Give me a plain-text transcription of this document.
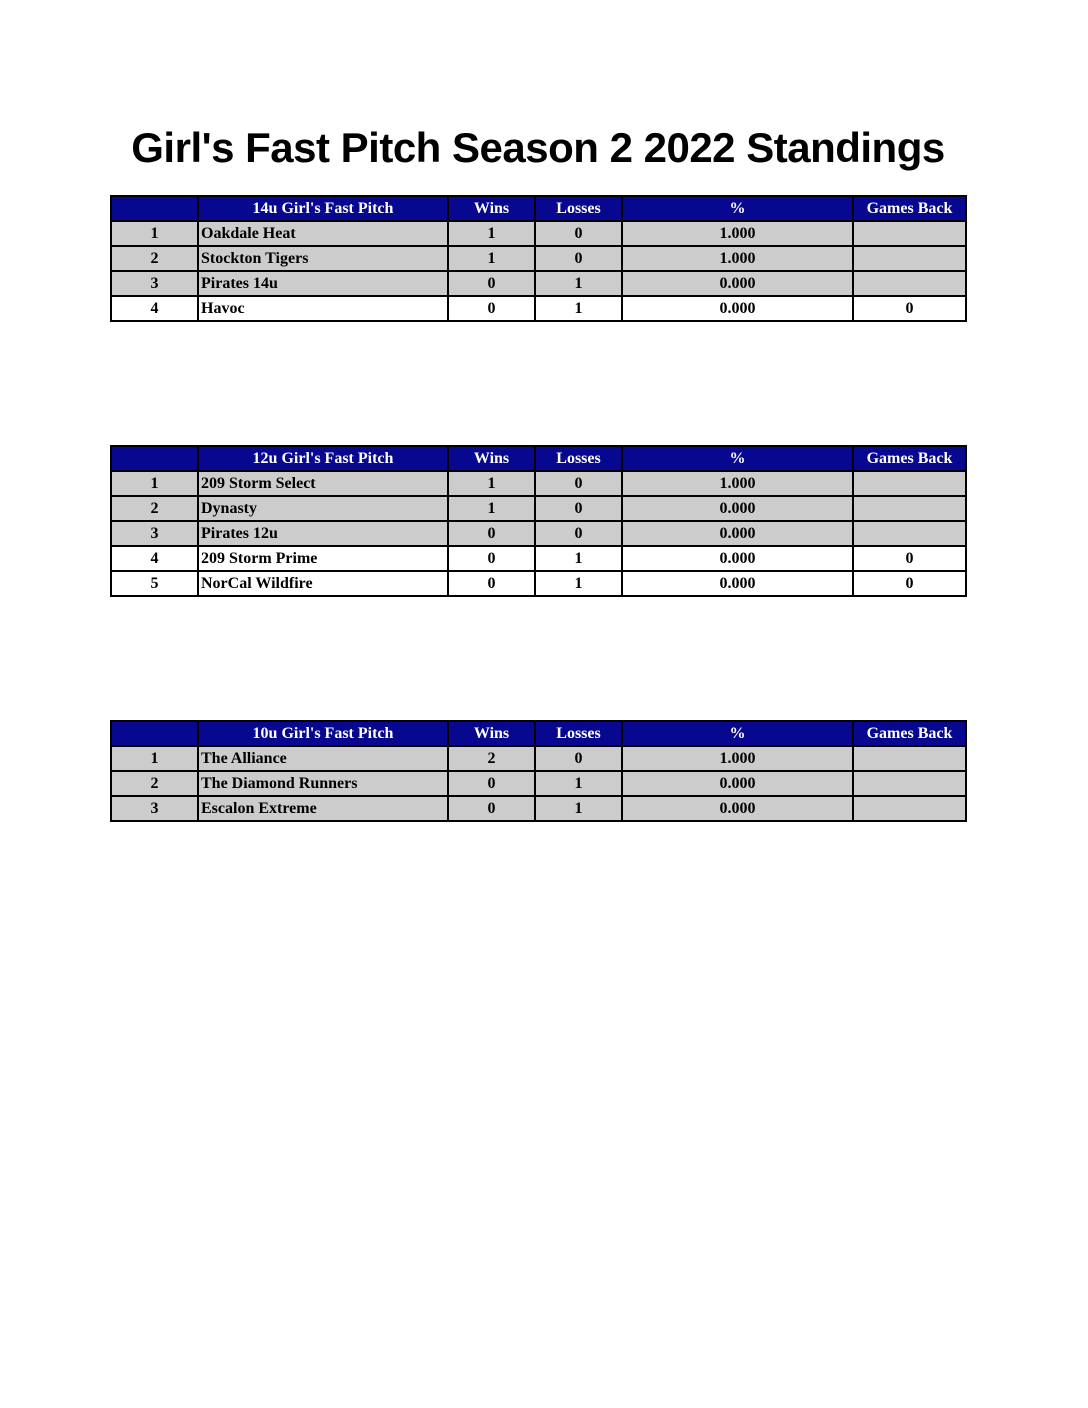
Girl's Fast Pitch Season 2 2022 Standings
	14u Girl's Fast Pitch	Wins	Losses	%	Games Back
1	Oakdale Heat	1	0	1.000	
2	Stockton Tigers	1	0	1.000	
3	Pirates 14u	0	1	0.000	
4	Havoc	0	1	0.000	0
	12u Girl's Fast Pitch	Wins	Losses	%	Games Back
1	209 Storm Select	1	0	1.000	
2	Dynasty	1	0	0.000	
3	Pirates 12u	0	0	0.000	
4	209 Storm Prime	0	1	0.000	0
5	NorCal Wildfire	0	1	0.000	0
	10u Girl's Fast Pitch	Wins	Losses	%	Games Back
1	The Alliance	2	0	1.000	
2	The Diamond Runners	0	1	0.000	
3	Escalon Extreme	0	1	0.000	
